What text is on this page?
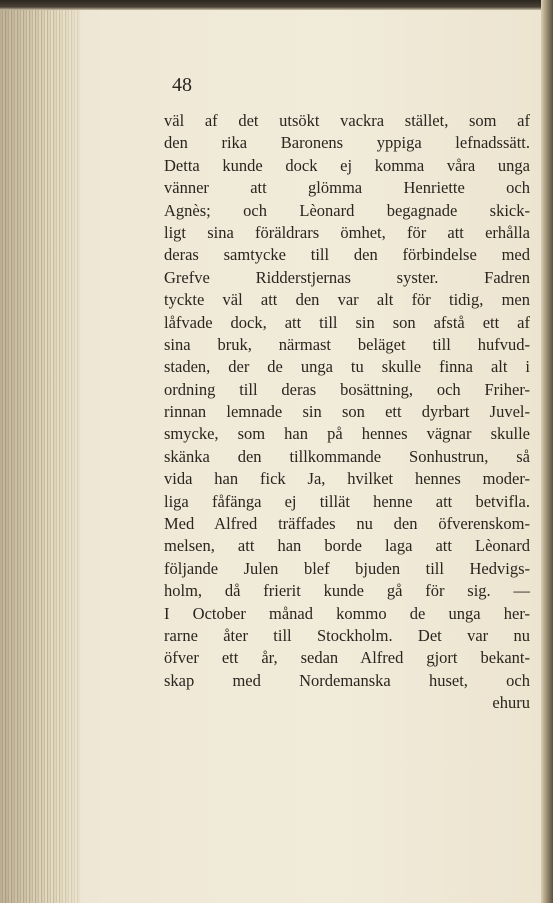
48
väl af det utsökt vackra stället, som af
den rika Baronens yppiga lefnadssätt.
Detta kunde dock ej komma våra unga
vänner att glömma Henriette och
Agnès; och Lèonard begagnade skick-
ligt sina föräldrars ömhet, för att erhålla
deras samtycke till den förbindelse med
Grefve Ridderstjernas syster. Fadren
tyckte väl att den var alt för tidig, men
låfvade dock, att till sin son afstå ett af
sina bruk, närmast beläget till hufvud-
staden, der de unga tu skulle finna alt i
ordning till deras bosättning, och Friher-
rinnan lemnade sin son ett dyrbart Juvel-
smycke, som han på hennes vägnar skulle
skänka den tillkommande Sonhustrun, så
vida han fick Ja, hvilket hennes moder-
liga fåfänga ej tillät henne att betvifla.
Med Alfred träffades nu den öfverenskom-
melsen, att han borde laga att Lèonard
följande Julen blef bjuden till Hedvigs-
holm, då frierit kunde gå för sig. —
I October månad kommo de unga her-
rarne åter till Stockholm. Det var nu
öfver ett år, sedan Alfred gjort bekant-
skap med Nordemanska huset, och
ehuru
